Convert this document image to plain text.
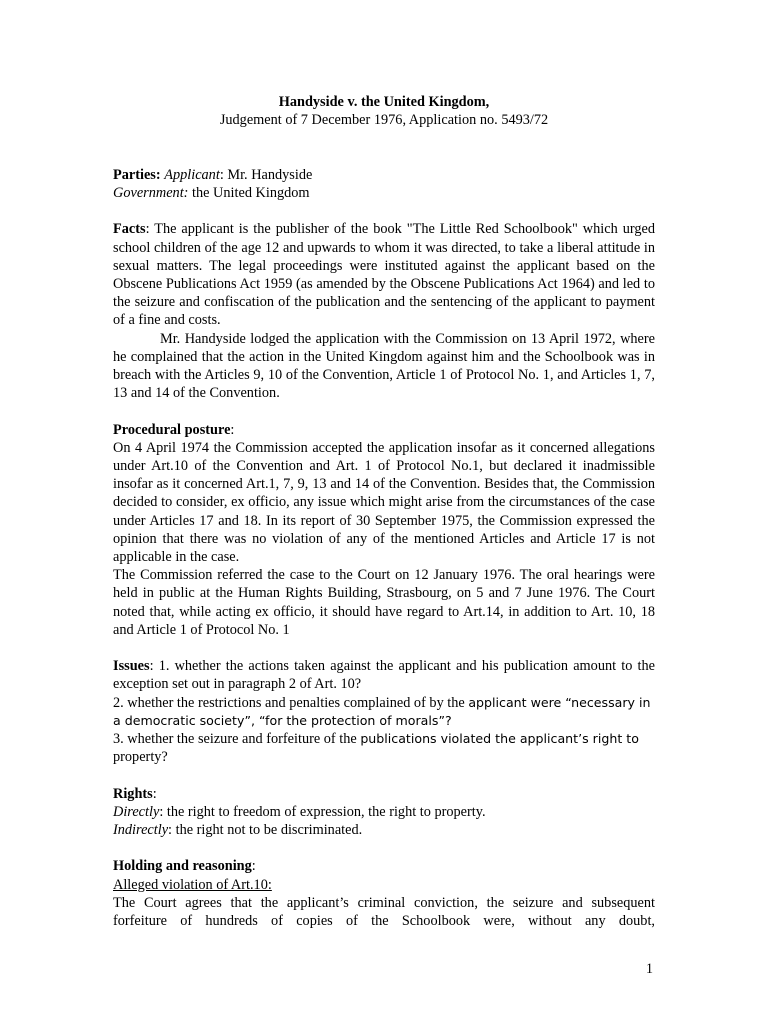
Handyside v. the United Kingdom,
Judgement of 7 December 1976, Application no. 5493/72
Parties: Applicant: Mr. Handyside
Government: the United Kingdom

Facts: The applicant is the publisher of the book "The Little Red Schoolbook" which urged school children of the age 12 and upwards to whom it was directed, to take a liberal attitude in sexual matters. The legal proceedings were instituted against the applicant based on the Obscene Publications Act 1959 (as amended by the Obscene Publications Act 1964) and led to the seizure and confiscation of the publication and the sentencing of the applicant to payment of a fine and costs.

Mr. Handyside lodged the application with the Commission on 13 April 1972, where he complained that the action in the United Kingdom against him and the Schoolbook was in breach with the Articles 9, 10 of the Convention, Article 1 of Protocol No. 1, and Articles 1, 7, 13 and 14 of the Convention.

Procedural posture:

On 4 April 1974 the Commission accepted the application insofar as it concerned allegations under Art.10 of the Convention and Art. 1 of Protocol No.1, but declared it inadmissible insofar as it concerned Art.1, 7, 9, 13 and 14 of the Convention. Besides that, the Commission decided to consider, ex officio, any issue which might arise from the circumstances of the case under Articles 17 and 18. In its report of 30 September 1975, the Commission expressed the opinion that there was no violation of any of the mentioned Articles and Article 17 is not applicable in the case.

The Commission referred the case to the Court on 12 January 1976. The oral hearings were held in public at the Human Rights Building, Strasbourg, on 5 and 7 June 1976. The Court noted that, while acting ex officio, it should have regard to Art.14, in addition to Art. 10, 18 and Article 1 of Protocol No. 1

Issues: 1. whether the actions taken against the applicant and his publication amount to the exception set out in paragraph 2 of Art. 10?

2. whether the restrictions and penalties complained of by the applicant were “necessary in a democratic society”, “for the protection of morals”?

3. whether the seizure and forfeiture of the publications violated the applicant’s right to
property?

Rights:
Directly: the right to freedom of expression, the right to property.
Indirectly: the right not to be discriminated.
Holding and reasoning:
Alleged violation of Art.10:

The Court agrees that the applicant’s criminal conviction, the seizure and subsequent forfeiture of hundreds of copies of the Schoolbook were, without any doubt,

1
